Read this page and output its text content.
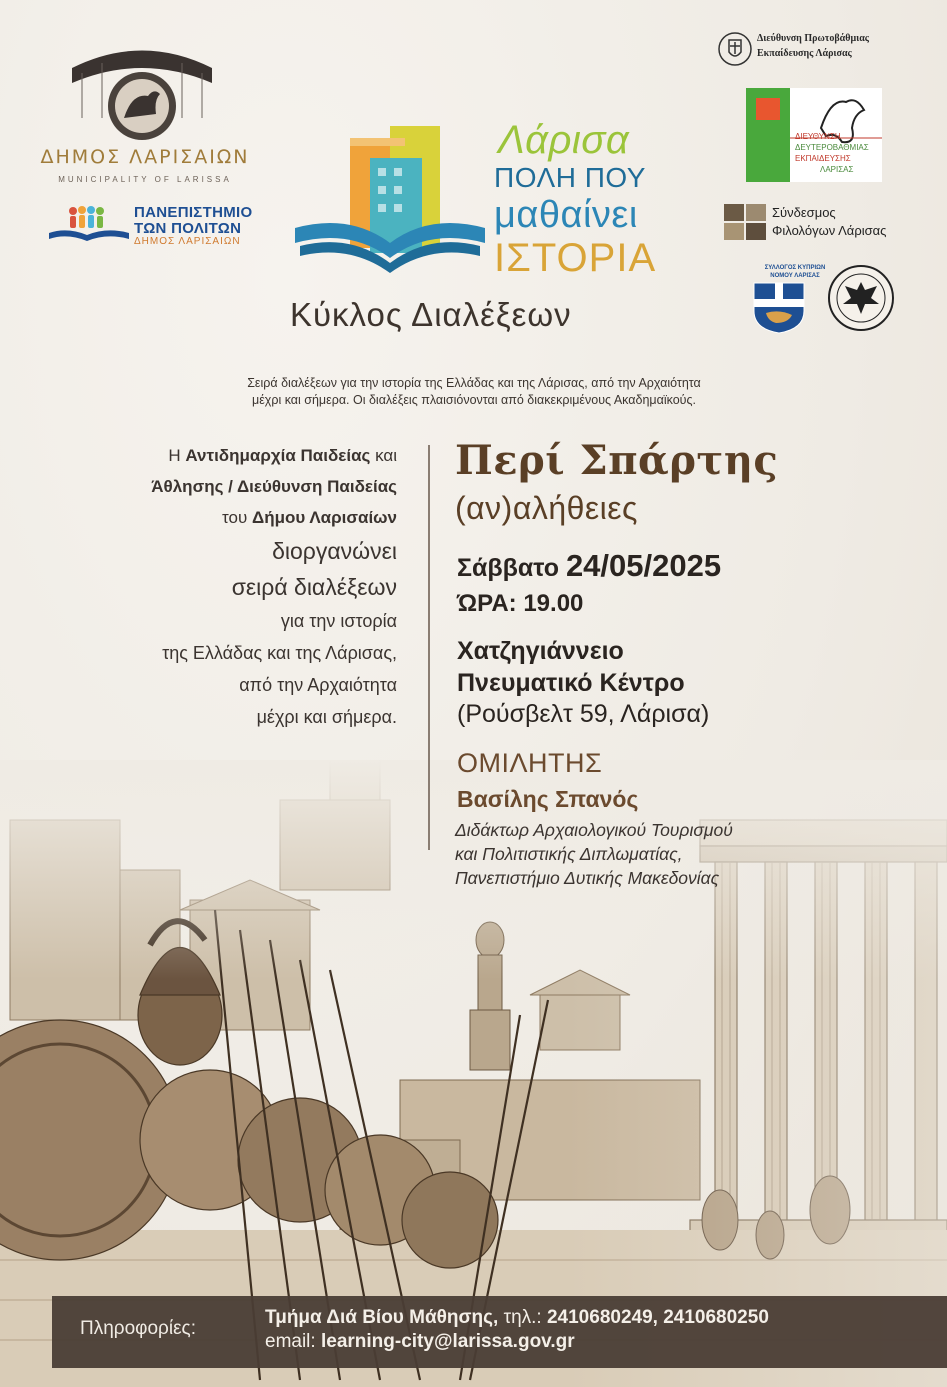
ΔΗΜΟΣ ΛΑΡΙΣΑΙΩΝ
MUNICIPALITY OF LARISSA
ΠΑΝΕΠΙΣΤΗΜΙΟ
ΤΩΝ ΠΟΛΙΤΩΝ
ΔΗΜΟΣ ΛΑΡΙΣΑΙΩΝ
Λάρισα
ΠΟΛΗ ΠΟΥ
μαθαίνει
ΙΣΤΟΡΙΑ
Κύκλος Διαλέξεων
Διεύθυνση Πρωτοβάθμιας
Εκπαίδευσης Λάρισας
ΔΙΕΥΘΥΝΣΗ
ΔΕΥΤΕΡΟΒΑΘΜΙΑΣ
ΕΚΠΑΙΔΕΥΣΗΣ
ΛΑΡΙΣΑΣ
Σύνδεσμος
Φιλολόγων Λάρισας
ΣΥΛΛΟΓΟΣ ΚΥΠΡΙΩΝ
ΝΟΜΟΥ ΛΑΡΙΣΑΣ
Σειρά διαλέξεων για την ιστορία της Ελλάδας και της Λάρισας, από την Αρχαιότητα
μέχρι και σήμερα. Οι διαλέξεις πλαισιόνονται από διακεκριμένους Ακαδημαϊκούς.
Η Αντιδημαρχία Παιδείας και
Άθλησης / Διεύθυνση Παιδείας
του Δήμου Λαρισαίων
διοργανώνει
σειρά διαλέξεων
για την ιστορία
της Ελλάδας και της Λάρισας,
από την Αρχαιότητα
μέχρι και σήμερα.
Περί Σπάρτης
(αν)αλήθειες
Σάββατο 24/05/2025
ΏΡΑ: 19.00
Χατζηγιάννειο
Πνευματικό Κέντρο
(Ρούσβελτ 59, Λάρισα)
ΟΜΙΛΗΤΗΣ
Βασίλης Σπανός
Διδάκτωρ Αρχαιολογικού Τουρισμού
και Πολιτιστικής Διπλωματίας,
Πανεπιστήμιο Δυτικής Μακεδονίας
Πληροφορίες:
Τμήμα Διά Βίου Μάθησης, τηλ.: 2410680249, 2410680250
email: learning-city@larissa.gov.gr
